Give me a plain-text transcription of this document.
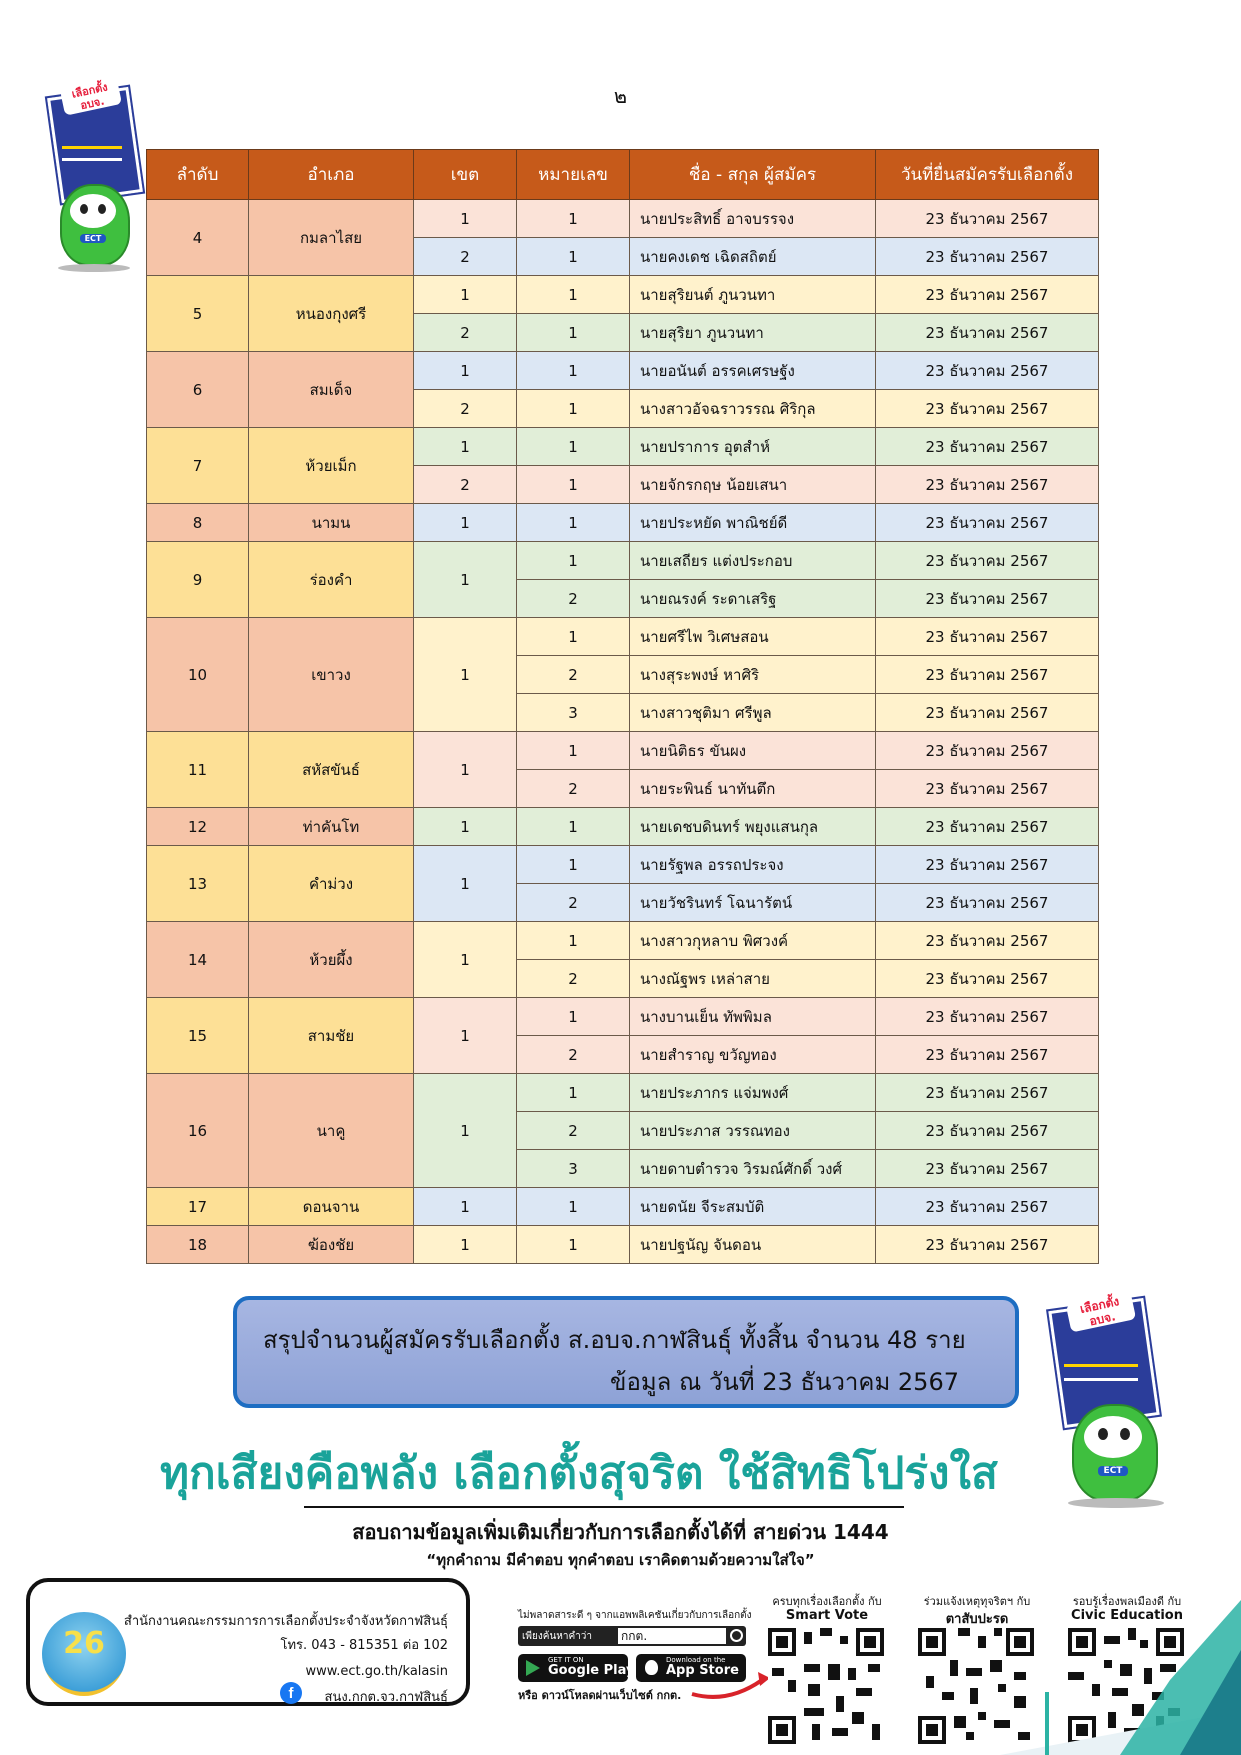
๒
เลือกตั้ง อบจ.
ECT
ลำดับ	อำเภอ	เขต	หมายเลข	ชื่อ - สกุล ผู้สมัคร	วันที่ยื่นสมัครรับเลือกตั้ง
4	กมลาไสย	1	1	นายประสิทธิ์ อาจบรรจง	23 ธันวาคม 2567
		2	1	นายคงเดช เฉิดสถิตย์	23 ธันวาคม 2567
5	หนองกุงศรี	1	1	นายสุริยนต์ ภูนวนทา	23 ธันวาคม 2567
		2	1	นายสุริยา ภูนวนทา	23 ธันวาคม 2567
6	สมเด็จ	1	1	นายอนันต์ อรรคเศรษฐัง	23 ธันวาคม 2567
		2	1	นางสาวอัจฉราวรรณ ศิริกุล	23 ธันวาคม 2567
7	ห้วยเม็ก	1	1	นายปราการ อุตสำห์	23 ธันวาคม 2567
		2	1	นายจักรกฤษ น้อยเสนา	23 ธันวาคม 2567
8	นามน	1	1	นายประหยัด พาณิชย์ดี	23 ธันวาคม 2567
9	ร่องคำ	1	1	นายเสถียร แต่งประกอบ	23 ธันวาคม 2567
			2	นายณรงค์ ระดาเสริฐ	23 ธันวาคม 2567
10	เขาวง	1	1	นายศรีไพ วิเศษสอน	23 ธันวาคม 2567
			2	นางสุระพงษ์ หาศิริ	23 ธันวาคม 2567
			3	นางสาวชุติมา ศรีพูล	23 ธันวาคม 2567
11	สหัสขันธ์	1	1	นายนิติธร ขันผง	23 ธันวาคม 2567
			2	นายระพินธ์ นาทันตึก	23 ธันวาคม 2567
12	ท่าคันโท	1	1	นายเดชบดินทร์ พยุงแสนกุล	23 ธันวาคม 2567
13	คำม่วง	1	1	นายรัฐพล อรรถประจง	23 ธันวาคม 2567
			2	นายวัชรินทร์ โฉนารัตน์	23 ธันวาคม 2567
14	ห้วยผึ้ง	1	1	นางสาวกุหลาบ พิศวงค์	23 ธันวาคม 2567
			2	นางณัฐพร เหล่าสาย	23 ธันวาคม 2567
15	สามชัย	1	1	นางบานเย็น ทัพพิมล	23 ธันวาคม 2567
			2	นายสำราญ ขวัญทอง	23 ธันวาคม 2567
16	นาคู	1	1	นายประภากร แจ่มพงศ์	23 ธันวาคม 2567
			2	นายประภาส วรรณทอง	23 ธันวาคม 2567
			3	นายดาบตำรวจ วิรมณ์ศักดิ์ วงศ์	23 ธันวาคม 2567
17	ดอนจาน	1	1	นายดนัย จีระสมบัติ	23 ธันวาคม 2567
18	ฆ้องชัย	1	1	นายปฐนัญ จันดอน	23 ธันวาคม 2567
สรุปจำนวนผู้สมัครรับเลือกตั้ง ส.อบจ.กาฬสินธุ์ ทั้งสิ้น จำนวน 48 ราย
ข้อมูล ณ วันที่ 23 ธันวาคม 2567
เลือกตั้ง อบจ.
ECT
ทุกเสียงคือพลัง เลือกตั้งสุจริต ใช้สิทธิโปร่งใส
สอบถามข้อมูลเพิ่มเติมเกี่ยวกับการเลือกตั้งได้ที่ สายด่วน 1444
“ทุกคำถาม มีคำตอบ ทุกคำตอบ เราคิดตามด้วยความใส่ใจ”
26
สำนักงานคณะกรรมการการเลือกตั้งประจำจังหวัดกาฬสินธุ์
โทร. 043 - 815351 ต่อ 102
www.ect.go.th/kalasin
f	สนง.กกต.จว.กาฬสินธุ์
ไม่พลาดสาระดี ๆ จากแอพพลิเคชันเกี่ยวกับการเลือกตั้ง
เพียงค้นหาคำว่า กกต.
GET IT ON
Google Play
Download on the
App Store
หรือ ดาวน์โหลดผ่านเว็บไซต์ กกต.
ครบทุกเรื่องเลือกตั้ง กับ
Smart Vote
ร่วมแจ้งเหตุทุจริตฯ กับ
ตาสับปะรด
รอบรู้เรื่องพลเมืองดี กับ
Civic Education
